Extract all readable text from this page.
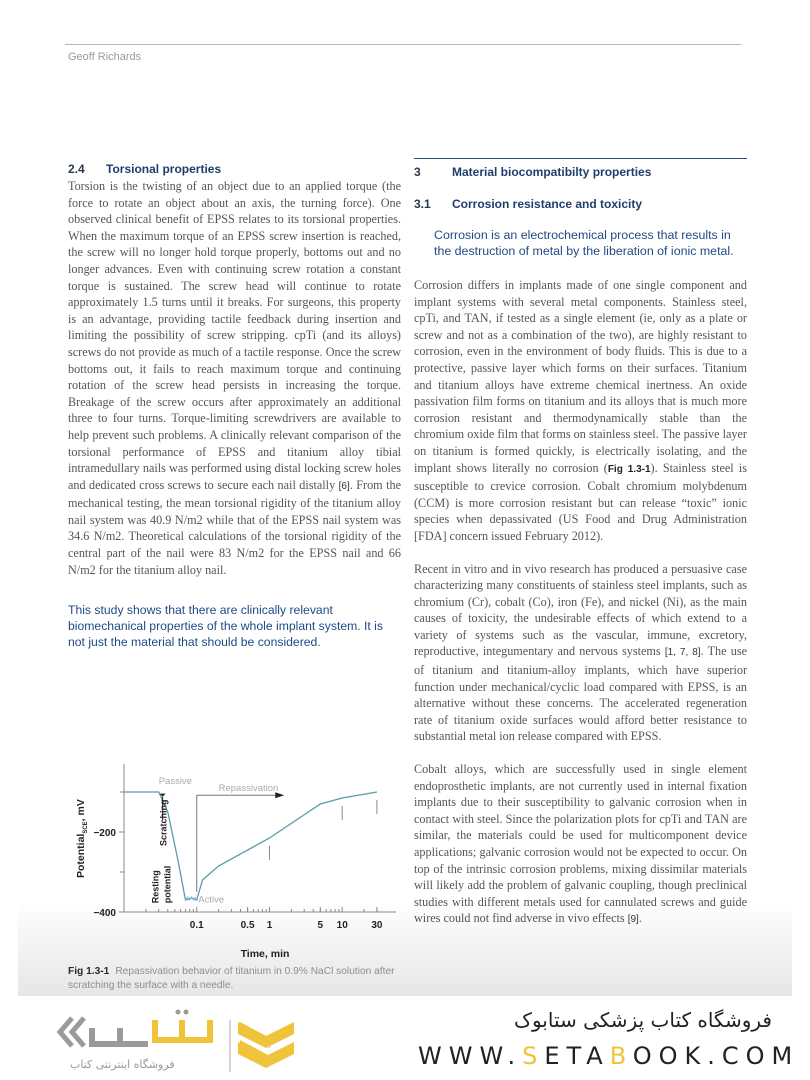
Geoff Richards
2.4	Torsional properties

Torsion is the twisting of an object due to an applied torque (the force to rotate an object about an axis, the turning force). One observed clinical benefit of EPSS relates to its torsional properties. When the maximum torque of an EPSS screw insertion is reached, the screw will no longer hold torque properly, bottoms out and no longer advances. Even with continuing screw rotation a constant torque is sustained. The screw head will continue to rotate approximately 1.5 turns until it breaks. For surgeons, this property is an advantage, providing tactile feedback during insertion and limiting the possibility of screw stripping. cpTi (and its alloys) screws do not provide as much of a tactile response. Once the screw bottoms out, it fails to reach maximum torque and continuing rotation of the screw head persists in increasing the torque. Breakage of the screw occurs after approximately an additional three to four turns. Torque-limiting screwdrivers are available to help prevent such problems. A clinically relevant comparison of the torsional performance of EPSS and titanium alloy tibial intramedullary nails was performed using distal locking screw holes and dedicated cross screws to secure each nail distally [6]. From the mechanical testing, the mean torsional rigidity of the titanium alloy nail system was 40.9 N/m2 while that of the EPSS nail system was 34.6 N/m2. Theoretical calculations of the torsional rigidity of the central part of the nail were 83 N/m2 for the EPSS nail and 66 N/m2 for the titanium alloy nail.

This study shows that there are clinically relevant biomechanical properties of the whole implant system. It is not just the material that should be considered.

−200
−400
0.1	0.5 1	5 10 30
Time, min
Potential$_{SCE}$, mV
Passive
Repassivation
Active
Scratching
Resting potential
Fig 1.3-1 Repassivation behavior of titanium in 0.9% NaCl solution after scratching the surface with a needle.
3	Material biocompatibilty properties
3.1	Corrosion resistance and toxicity

Corrosion is an electrochemical process that results in the destruction of metal by the liberation of ionic metal.

Corrosion differs in implants made of one single component and implant systems with several metal components. Stainless steel, cpTi, and TAN, if tested as a single element (ie, only as a plate or screw and not as a combination of the two), are highly resistant to corrosion, even in the environment of body fluids. This is due to a protective, passive layer which forms on their surfaces. Titanium and titanium alloys have extreme chemical inertness. An oxide passivation film forms on titanium and its alloys that is much more corrosion resistant and thermodynamically stable than the chromium oxide film that forms on stainless steel. The passive layer on titanium is formed quickly, is electrically isolating, and the implant shows literally no corrosion (Fig 1.3-1). Stainless steel is susceptible to crevice corrosion. Cobalt chromium molybdenum (CCM) is more corrosion resistant but can release “toxic” ionic species when depassivated (US Food and Drug Administration [FDA] concern issued February 2012).

Recent in vitro and in vivo research has produced a persuasive case characterizing many constituents of stainless steel implants, such as chromium (Cr), cobalt (Co), iron (Fe), and nickel (Ni), as the main causes of toxicity, the undesirable effects of which extend to a variety of systems such as the vascular, immune, excretory, reproductive, integumentary and nervous systems [1, 7, 8]. The use of titanium and titanium-alloy implants, which have superior function under mechanical/cyclic load compared with EPSS, is an alternative without these concerns. The accelerated regeneration rate of titanium oxide surfaces would afford better resistance to substantial metal ion release compared with EPSS.

Cobalt alloys, which are successfully used in single element endoprosthetic implants, are not currently used in internal fixation implants due to their susceptibility to galvanic corrosion when in contact with steel. Since the polarization plots for cpTi and TAN are similar, the materials could be used for multicomponent device applications; galvanic corrosion would not be expected to occur. On top of the intrinsic corrosion problems, mixing dissimilar materials will likely add the problem of galvanic coupling, though preclinical studies with different metals used for cannulated screws and guide wires could not find adverse in vivo effects [9].

فروشگاه اینترنتی کتاب
فروشگاه کتاب پزشکی ستابوک
WWW.SETABOOK.COM
